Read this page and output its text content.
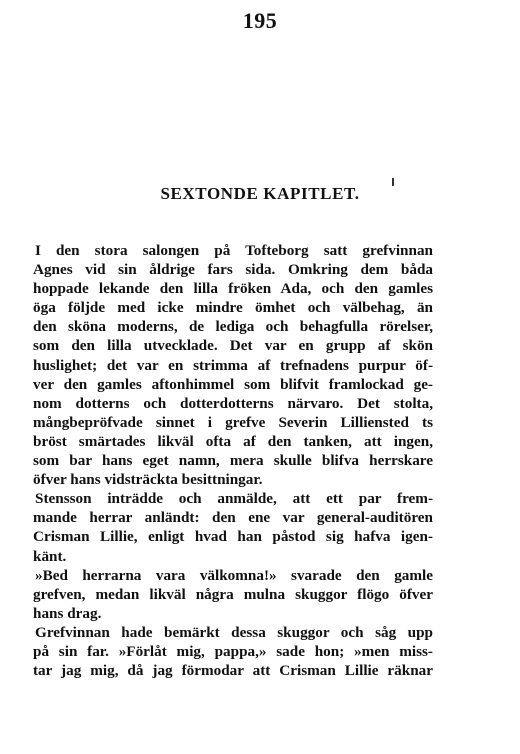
195
SEXTONDE KAPITLET.
I den stora salongen på Tofteborg satt grefvinnan
Agnes vid sin åldrige fars sida. Omkring dem båda
hoppade lekande den lilla fröken Ada, och den gamles
öga följde med icke mindre ömhet och välbehag, än
den sköna moderns, de lediga och behagfulla rörelser,
som den lilla utvecklade. Det var en grupp af skön
huslighet; det var en strimma af trefnadens purpur öf-
ver den gamles aftonhimmel som blifvit framlockad ge-
nom dotterns och dotterdotterns närvaro. Det stolta,
mångbepröfvade sinnet i grefve Severin Lilliensted ts
bröst smärtades likväl ofta af den tanken, att ingen,
som bar hans eget namn, mera skulle blifva herrskare
öfver hans vidsträckta besittningar.
Stensson inträdde och anmälde, att ett par frem-
mande herrar anländt: den ene var general-auditören
Crisman Lillie, enligt hvad han påstod sig hafva igen-
känt.
»Bed herrarna vara välkomna!» svarade den gamle
grefven, medan likväl några mulna skuggor flögo öfver
hans drag.
Grefvinnan hade bemärkt dessa skuggor och såg upp
på sin far. »Förlåt mig, pappa,» sade hon; »men miss-
tar jag mig, då jag förmodar att Crisman Lillie räknar
